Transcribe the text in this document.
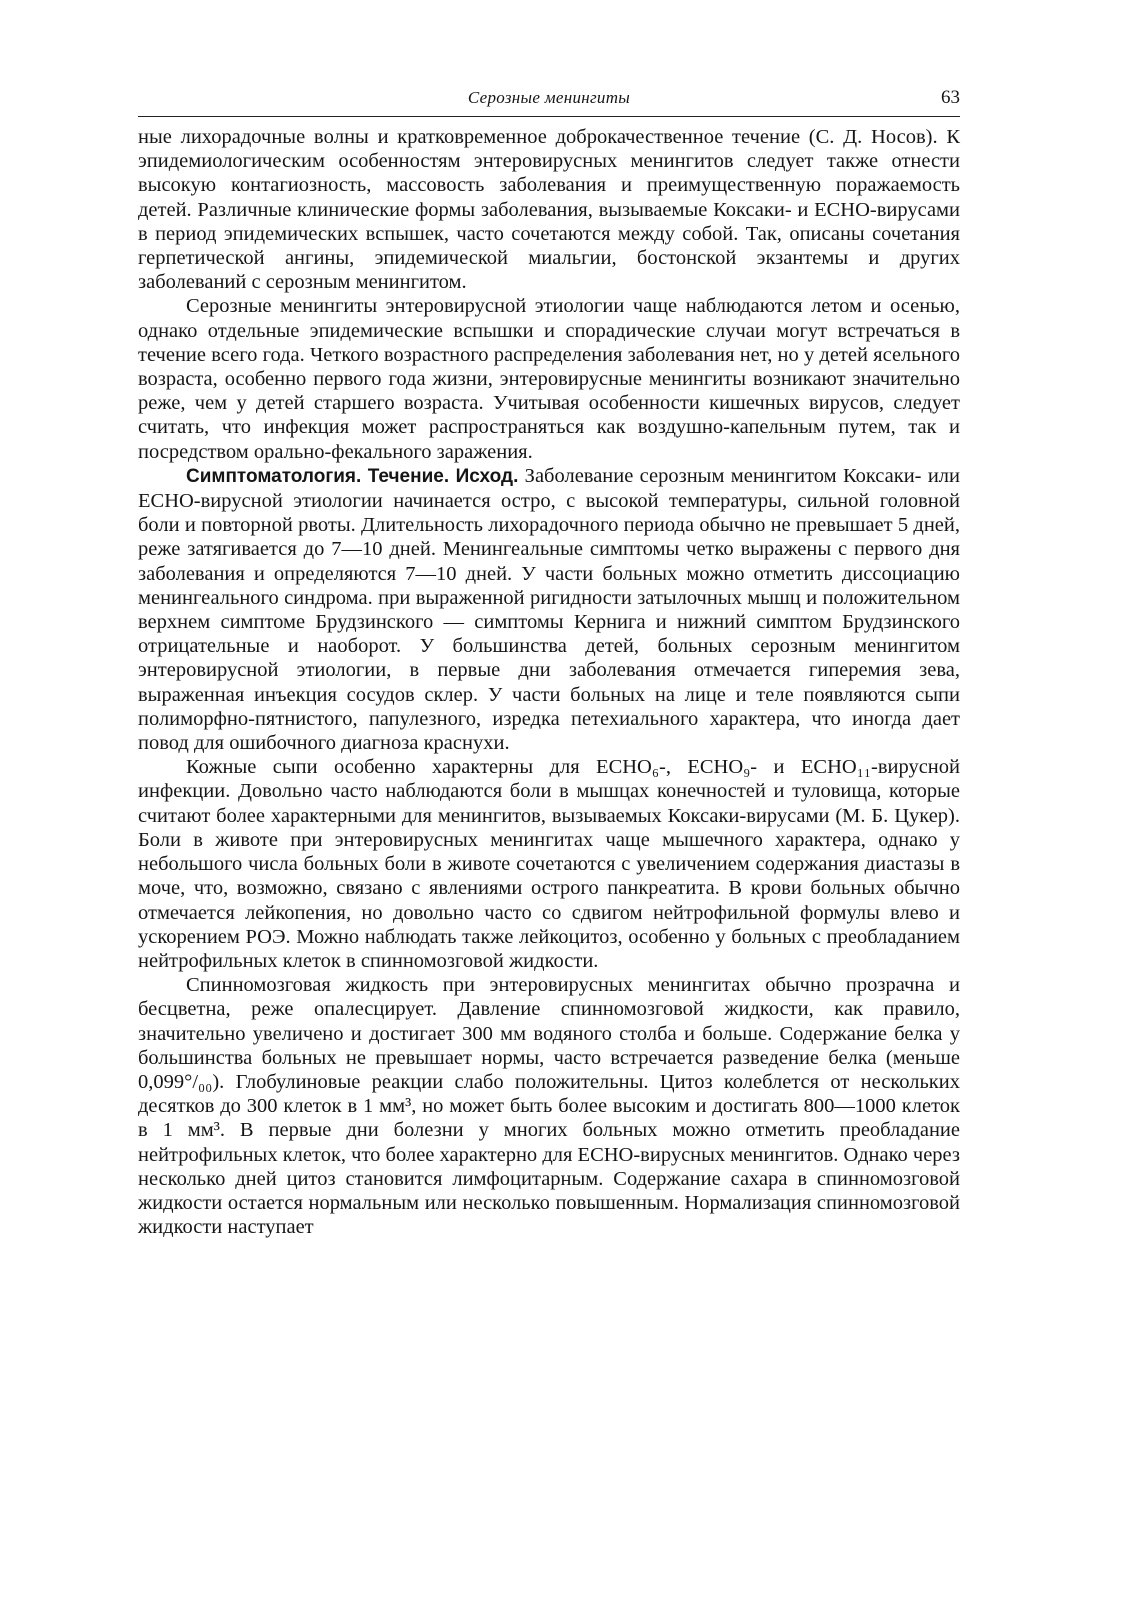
Серозные менингиты	63

ные лихорадочные вoлны и кратковременное доброкачественное течение (С. Д. Носов). К эпидемиологическим особенностям энтеровирусных менингитов следует также отнести высокую контагиозность, массовость заболевания и преимущественную поражаемость детей. Различные клинические формы заболевания, вызываемые Коксаки- и ЕСНО-вирусами в период эпидемических вспышек, часто сочетаются между собой. Так, описаны сочетания герпетической ангины, эпидемической миальгии, бостонской экзантемы и других заболеваний с серозным менингитом.

Серозные менингиты энтеровирусной этиологии чаще наблюдаются летом и осенью, однако отдельные эпидемические вспышки и спорадические случаи могут встречаться в течение всего года. Четкого возрастного распределения заболевания нет, но у детей ясельного возраста, особенно первого года жизни, энтеровирусные менингиты возникают значительно реже, чем у детей старшего возраста. Учитывая особенности кишечных вирусов, следует считать, что инфекция может распространяться как воздушно-капельным путем, так и посредством орально-фекального заражения.

Симптоматология. Течение. Исход. Заболевание серозным менингитом Коксаки- или ЕСНО-вирусной этиологии начинается остро, с высокой температуры, сильной головной боли и повторной рвоты. Длительность лихорадочного периода обычно не превышает 5 дней, реже затягивается до 7—10 дней. Менингеальные симптомы четко выражены с первого дня заболевания и определяются 7—10 дней. У части больных можно отметить диссоциацию менингеального синдрома. при выраженной ригидности затылочных мышц и положительном верхнем симптоме Брудзинского — симптомы Кернига и нижний симптом Брудзинского отрицательные и наоборот. У большинства детей, больных серозным менингитом энтеровирусной этиологии, в первые дни заболевания отмечается гиперемия зева, выраженная инъекция сосудов склер. У части больных на лице и теле появляются сыпи полиморфно-пятнистого, папулезного, изредка петехиального характера, что иногда дает повод для ошибочного диагноза краснухи.

Кожные сыпи особенно характерны для ЕСНО₆-, ЕСНО₉- и ЕСНО₁₁-вирусной инфекции. Довольно часто наблюдаются боли в мышцах конечностей и туловища, которые считают более характерными для менингитов, вызываемых Коксаки-вирусами (М. Б. Цукер). Боли в животе при энтеровирусных менингитах чаще мышечного характера, однако у небольшого числа больных боли в животе сочетаются с увеличением содержания диастазы в моче, что, возможно, связано с явлениями острого панкреатита. В крови больных обычно отмечается лейкопения, но довольно часто со сдвигом нейтрофильной формулы влево и ускорением РОЭ. Можно наблюдать также лейкоцитоз, особенно у больных с преобладанием нейтрофильных клеток в спинномозговой жидкости.

Спинномозговая жидкость при энтеровирусных менингитах обычно прозрачна и бесцветна, реже опалесцирует. Давление спинномозговой жидкости, как правило, значительно увеличено и достигает 300 мм водяного столба и больше. Содержание белка у большинства больных не превышает нормы, часто встречается разведение белка (меньше 0,099°/₀₀). Глобулиновые реакции слабо положительны. Цитоз колеблется от нескольких десятков до 300 клеток в 1 мм³, но может быть более высоким и достигать 800—1000 клеток в 1 мм³. В первые дни болезни у многих больных можно отметить преобладание нейтрофильных клеток, что более характерно для ЕСНО-вирусных менингитов. Однако через несколько дней цитоз становится лимфоцитарным. Содержание сахара в спинномозговой жидкости остается нормальным или несколько повышенным. Нормализация спинномозговой жидкости наступает
